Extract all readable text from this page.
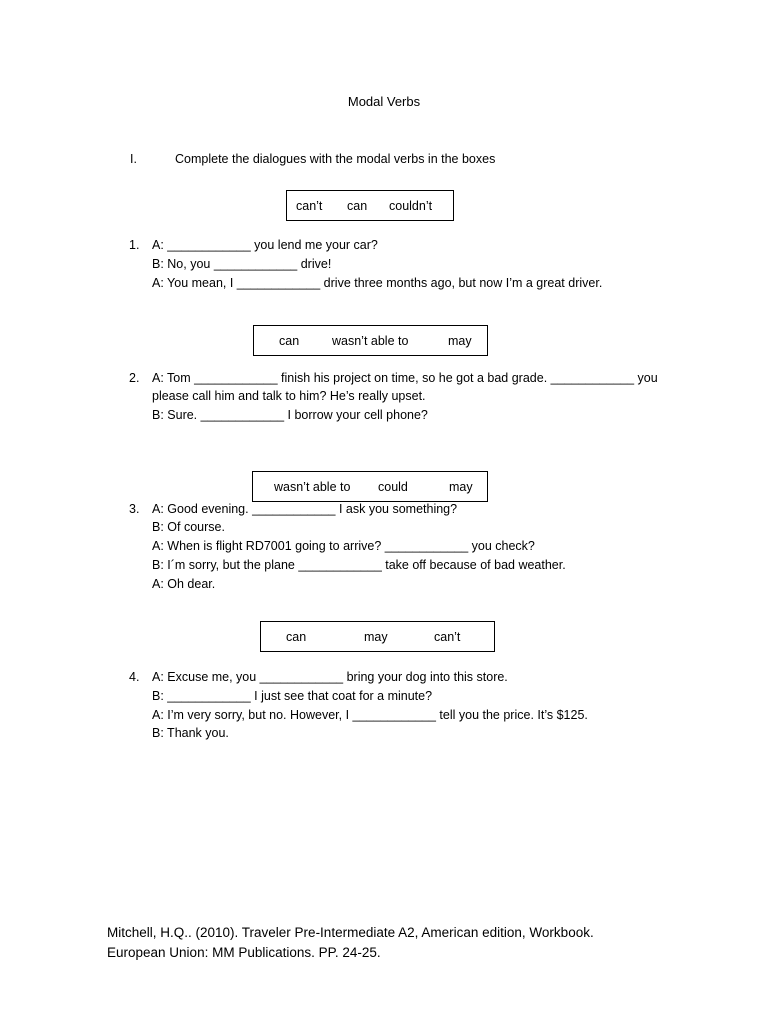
Modal Verbs
I.	Complete the dialogues with the modal verbs in the boxes
can’t can couldn’t
1. A: ____________ you lend me your car?
B: No, you ____________ drive!
A: You mean, I ____________ drive three months ago, but now I’m a great driver.
can	wasn’t able to	may
2. A: Tom ____________ finish his project on time, so he got a bad grade. ____________ you
please call him and talk to him? He’s really upset.
B: Sure. ____________ I borrow your cell phone?
wasn’t able to could	may
3. A: Good evening. ____________ I ask you something?
B: Of course.
A: When is flight RD7001 going to arrive? ____________ you check?
B: I´m sorry, but the plane ____________ take off because of bad weather.
A: Oh dear.
can	may	can’t
4. A: Excuse me, you ____________ bring your dog into this store.
B: ____________ I just see that coat for a minute?
A: I’m very sorry, but no. However, I ____________ tell you the price. It’s $125.
B: Thank you.
Mitchell, H.Q.. (2010). Traveler Pre-Intermediate A2, American edition, Workbook.
European Union: MM Publications. PP. 24-25.
